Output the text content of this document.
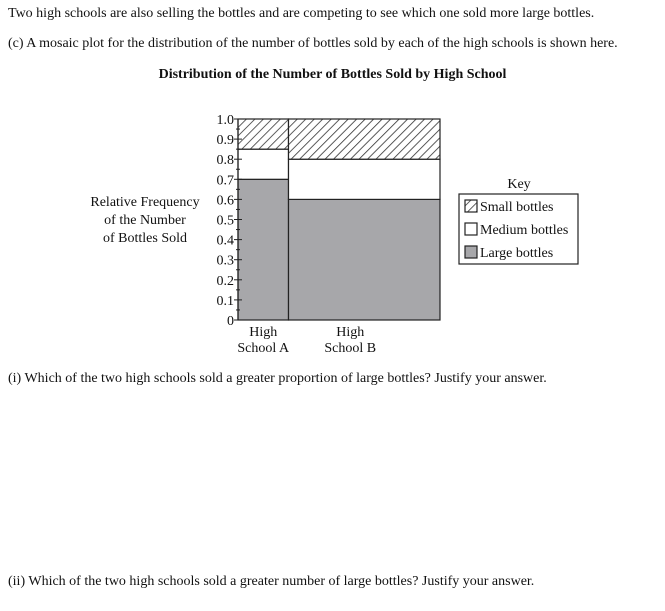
Two high schools are also selling the bottles and are competing to see which one sold more large bottles.
(c) A mosaic plot for the distribution of the number of bottles sold by each of the high schools is shown here.
Distribution of the Number of Bottles Sold by High School
Relative Frequency
of the Number
of Bottles Sold
High
School A
High
School B
0
0.1
0.2
0.3
0.4
0.5
0.6
0.7
0.8
0.9
1.0
Key
Small bottles
Medium bottles
Large bottles
(i) Which of the two high schools sold a greater proportion of large bottles? Justify your answer.
(ii) Which of the two high schools sold a greater number of large bottles? Justify your answer.
